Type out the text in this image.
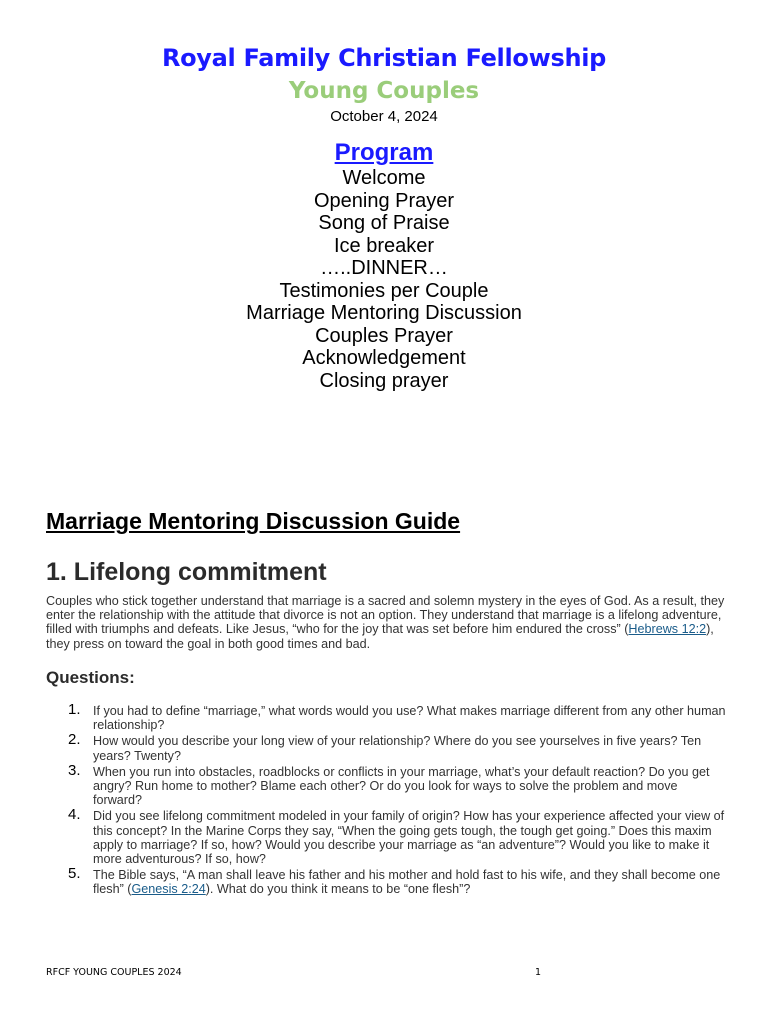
Royal Family Christian Fellowship
Young Couples
October 4, 2024
Program
Welcome
Opening Prayer
Song of Praise
Ice breaker
…..DINNER…
Testimonies per Couple
Marriage Mentoring Discussion
Couples Prayer
Acknowledgement
Closing prayer
Marriage Mentoring Discussion Guide
1. Lifelong commitment

Couples who stick together understand that marriage is a sacred and solemn mystery in the eyes of God. As a result, they enter the relationship with the attitude that divorce is not an option. They understand that marriage is a lifelong adventure, filled with triumphs and defeats. Like Jesus, “who for the joy that was set before him endured the cross” (Hebrews 12:2), they press on toward the goal in both good times and bad.

Questions:
1. If you had to define “marriage,” what words would you use? What makes marriage different from any other human relationship?
2. How would you describe your long view of your relationship? Where do you see yourselves in five years? Ten years? Twenty?
3. When you run into obstacles, roadblocks or conflicts in your marriage, what’s your default reaction? Do you get angry? Run home to mother? Blame each other? Or do you look for ways to solve the problem and move forward?
4. Did you see lifelong commitment modeled in your family of origin? How has your experience affected your view of this concept? In the Marine Corps they say, “When the going gets tough, the tough get going.” Does this maxim apply to marriage? If so, how? Would you describe your marriage as “an adventure”? Would you like to make it more adventurous? If so, how?
5. The Bible says, “A man shall leave his father and his mother and hold fast to his wife, and they shall become one flesh” (Genesis 2:24). What do you think it means to be “one flesh”?
RFCF YOUNG COUPLES 2024	1
